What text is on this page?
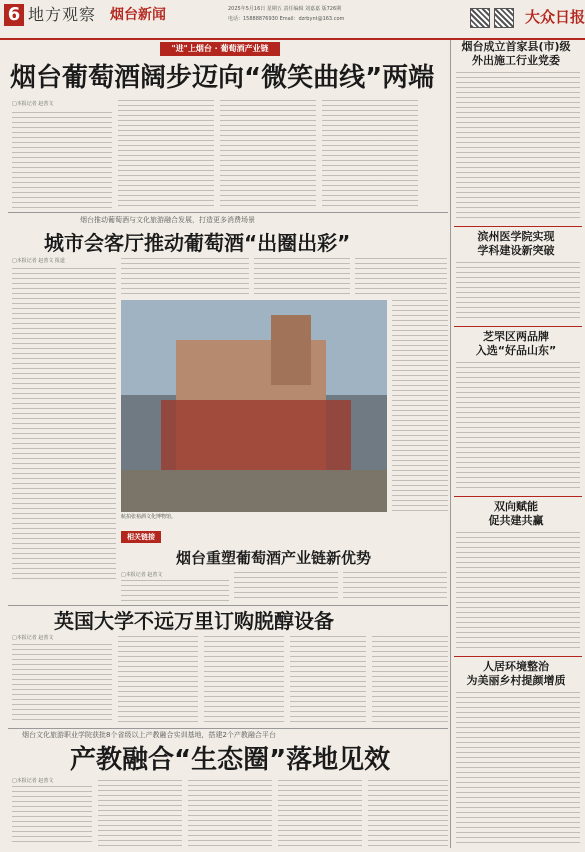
6 地方观察 烟台新闻	2025年5月16日 星期五 责任编辑 刘嘉嘉 版726期
电话：15888876930 Email：dzrbynt@163.com	大众日报
"进"上烟台 · 葡萄酒产业链
烟台葡萄酒阔步迈向“微笑曲线”两端
□本报记者 赵善文
烟台推动葡萄酒与文化旅游融合发展，打造更多消费场景
城市会客厅推动葡萄酒“出圈出彩”
□本报记者 赵善文 报道
航拍张裕酒文化博物馆。
相关链接
烟台重塑葡萄酒产业链新优势
□本报记者 赵善文
英国大学不远万里订购脱醇设备
□本报记者 赵善文
烟台文化旅游职业学院获批8个省级以上产教融合实训基地，搭建2个产教融合平台
产教融合“生态圈”落地见效
□本报记者 赵善文
烟台成立首家县(市)级
外出施工行业党委
滨州医学院实现
学科建设新突破
芝罘区两品牌
入选“好品山东”
双向赋能
促共建共赢
人居环境整治
为美丽乡村提颜增质
